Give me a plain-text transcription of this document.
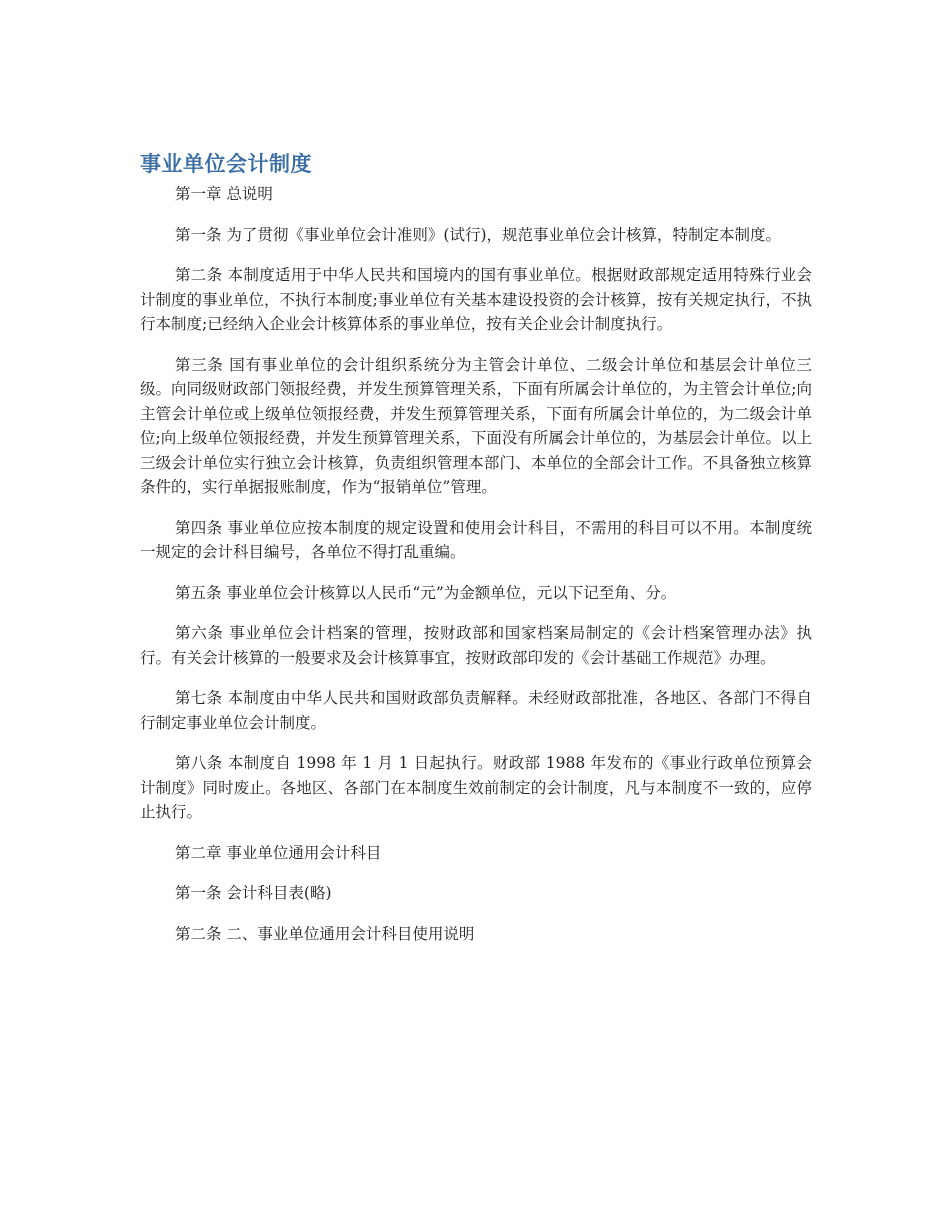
事业单位会计制度

第一章 总说明

第一条 为了贯彻《事业单位会计准则》(试行)，规范事业单位会计核算，特制定本制度。

第二条 本制度适用于中华人民共和国境内的国有事业单位。根据财政部规定适用特殊行业会计制度的事业单位，不执行本制度;事业单位有关基本建设投资的会计核算，按有关规定执行，不执行本制度;已经纳入企业会计核算体系的事业单位，按有关企业会计制度执行。

第三条 国有事业单位的会计组织系统分为主管会计单位、二级会计单位和基层会计单位三级。向同级财政部门领报经费，并发生预算管理关系，下面有所属会计单位的，为主管会计单位;向主管会计单位或上级单位领报经费，并发生预算管理关系，下面有所属会计单位的，为二级会计单位;向上级单位领报经费，并发生预算管理关系，下面没有所属会计单位的，为基层会计单位。以上三级会计单位实行独立会计核算，负责组织管理本部门、本单位的全部会计工作。不具备独立核算条件的，实行单据报账制度，作为“报销单位”管理。

第四条 事业单位应按本制度的规定设置和使用会计科目，不需用的科目可以不用。本制度统一规定的会计科目编号，各单位不得打乱重编。

第五条 事业单位会计核算以人民币“元”为金额单位，元以下记至角、分。

第六条 事业单位会计档案的管理，按财政部和国家档案局制定的《会计档案管理办法》执行。有关会计核算的一般要求及会计核算事宜，按财政部印发的《会计基础工作规范》办理。

第七条 本制度由中华人民共和国财政部负责解释。未经财政部批准，各地区、各部门不得自行制定事业单位会计制度。

第八条 本制度自 1998 年 1 月 1 日起执行。财政部 1988 年发布的《事业行政单位预算会计制度》同时废止。各地区、各部门在本制度生效前制定的会计制度，凡与本制度不一致的，应停止执行。

第二章 事业单位通用会计科目

第一条 会计科目表(略)

第二条 二、事业单位通用会计科目使用说明
